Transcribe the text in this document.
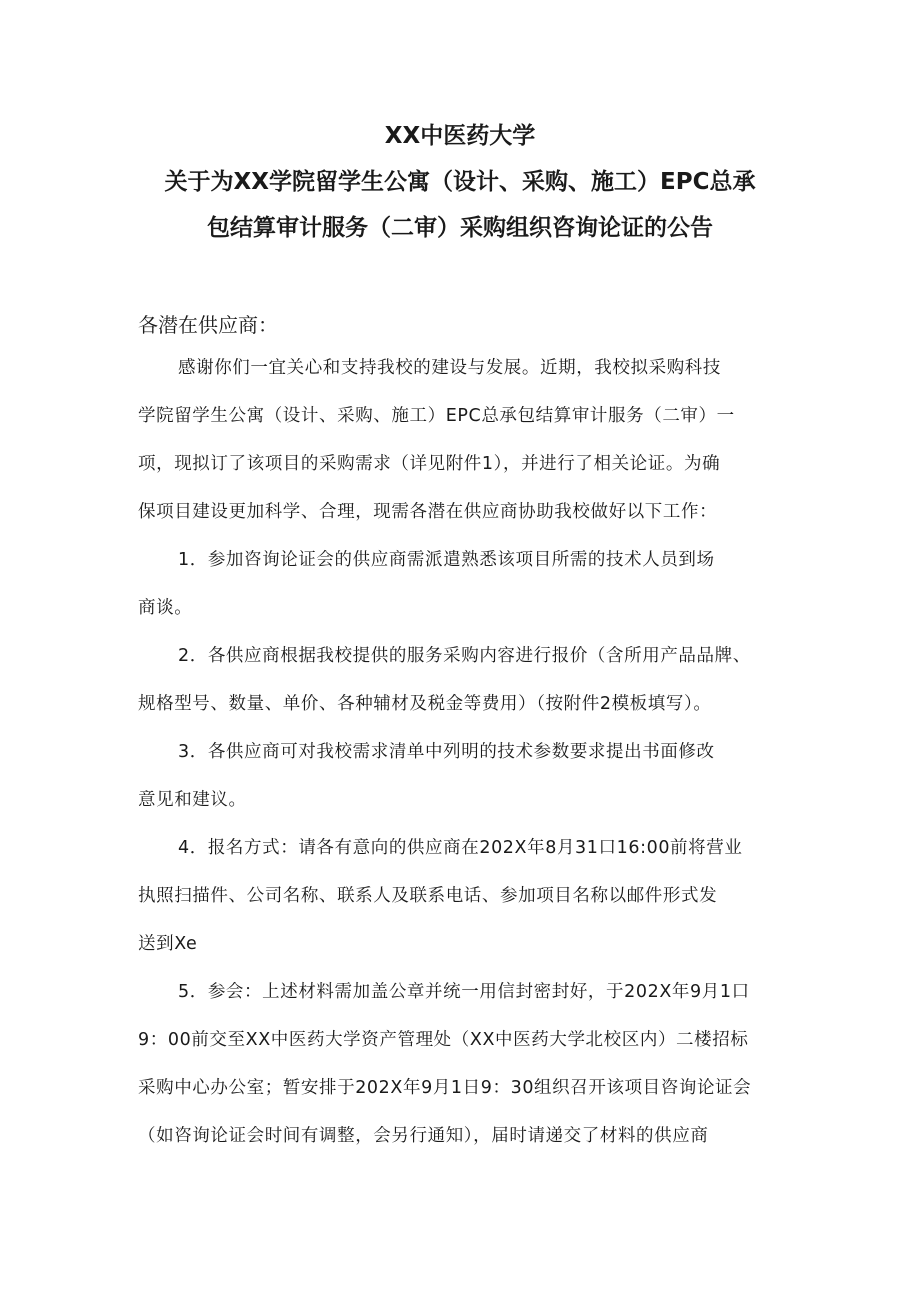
XX中医药大学
关于为XX学院留学生公寓（设计、采购、施工）EPC总承
包结算审计服务（二审）采购组织咨询论证的公告
各潜在供应商：
感谢你们一宜关心和支持我校的建设与发展。近期，我校拟采购科技
学院留学生公寓（设计、采购、施工）EPC总承包结算审计服务（二审）一
项，现拟订了该项目的采购需求（详见附件1），并进行了相关论证。为确
保项目建设更加科学、合理，现需各潜在供应商协助我校做好以下工作：
1．参加咨询论证会的供应商需派遣熟悉该项目所需的技术人员到场
商谈。
2．各供应商根据我校提供的服务采购内容进行报价（含所用产品品牌、
规格型号、数量、单价、各种辅材及税金等费用）（按附件2模板填写）。
3．各供应商可对我校需求清单中列明的技术参数要求提出书面修改
意见和建议。
4．报名方式：请各有意向的供应商在202X年8月31口16:00前将营业
执照扫描件、公司名称、联系人及联系电话、参加项目名称以邮件形式发
送到Xe
5．参会：上述材料需加盖公章并统一用信封密封好，于202X年9月1口
9：00前交至XX中医药大学资产管理处（XX中医药大学北校区内）二楼招标
采购中心办公室；暂安排于202X年9月1日9：30组织召开该项目咨询论证会
（如咨询论证会时间有调整，会另行通知），届时请递交了材料的供应商
